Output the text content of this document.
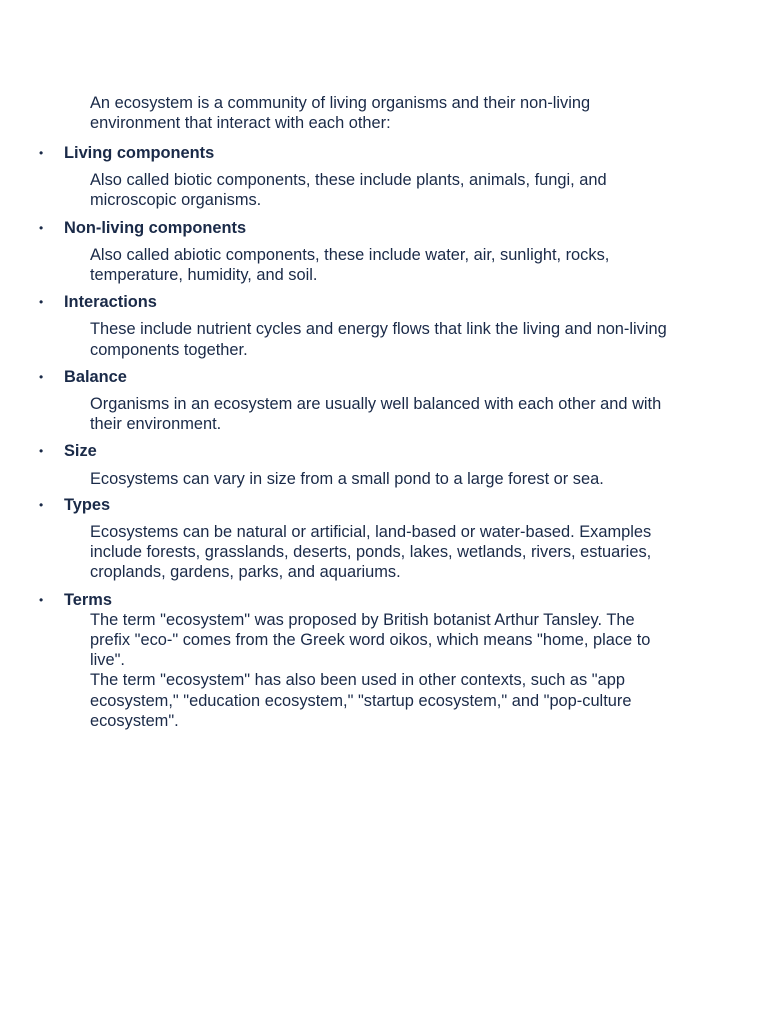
An ecosystem is a community of living organisms and their non-living environment that interact with each other:

• Living components

Also called biotic components, these include plants, animals, fungi, and microscopic organisms.

• Non-living components

Also called abiotic components, these include water, air, sunlight, rocks, temperature, humidity, and soil.

• Interactions

These include nutrient cycles and energy flows that link the living and non-living components together.

• Balance

Organisms in an ecosystem are usually well balanced with each other and with their environment.

• Size

Ecosystems can vary in size from a small pond to a large forest or sea.

• Types

Ecosystems can be natural or artificial, land-based or water-based. Examples include forests, grasslands, deserts, ponds, lakes, wetlands, rivers, estuaries, croplands, gardens, parks, and aquariums.

• Terms

The term "ecosystem" was proposed by British botanist Arthur Tansley. The prefix "eco-" comes from the Greek word oikos, which means "home, place to live".

The term "ecosystem" has also been used in other contexts, such as "app ecosystem," "education ecosystem," "startup ecosystem," and "pop-culture ecosystem".
